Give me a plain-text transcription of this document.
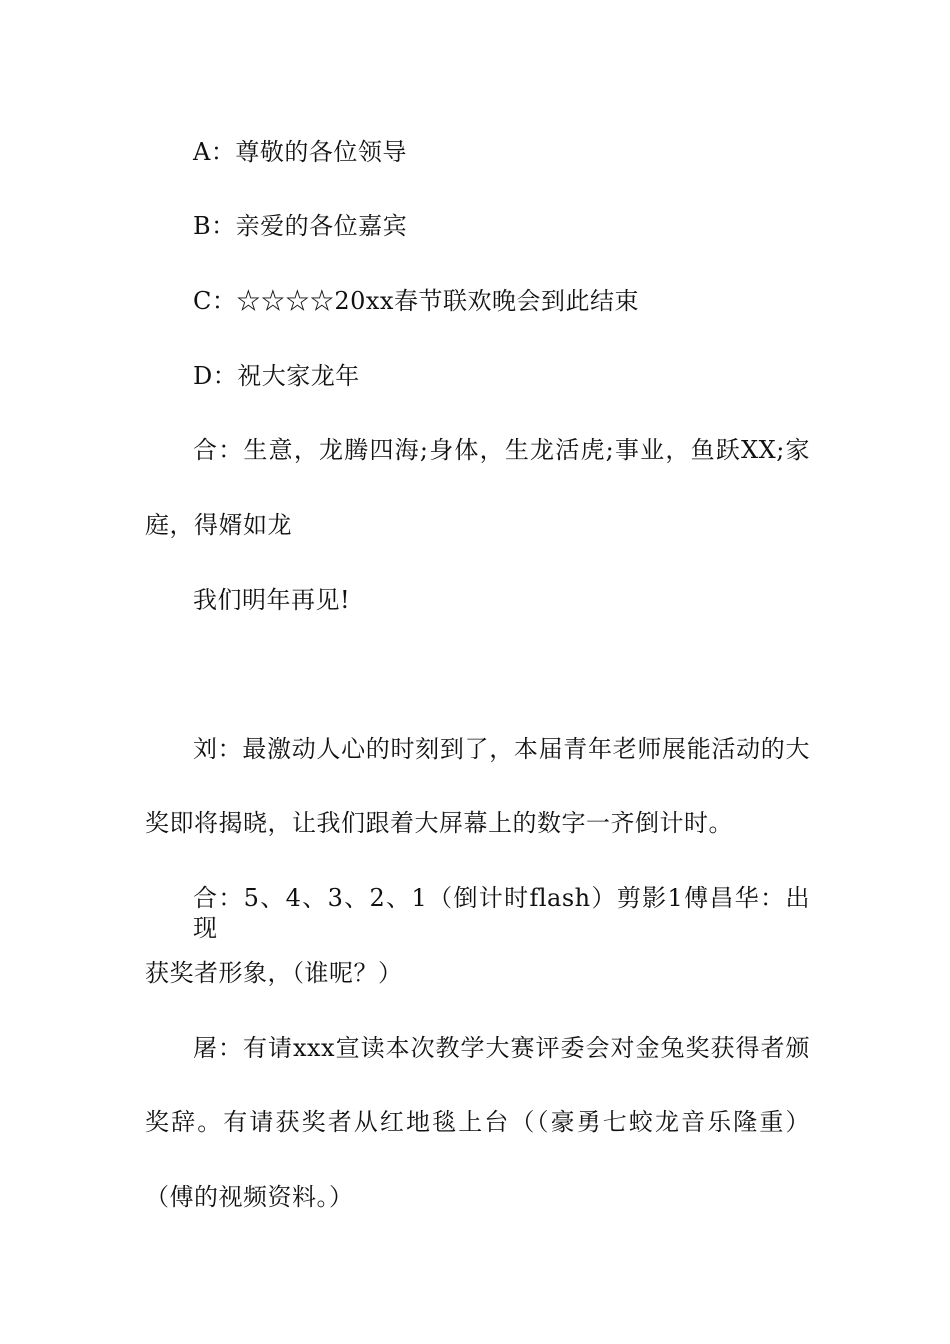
A：尊敬的各位领导
B：亲爱的各位嘉宾
C：☆☆☆☆20xx春节联欢晚会到此结束
D：祝大家龙年
合：生意，龙腾四海;身体，生龙活虎;事业，鱼跃XX;家
庭，得婿如龙
我们明年再见!
刘：最激动人心的时刻到了，本届青年老师展能活动的大
奖即将揭晓，让我们跟着大屏幕上的数字一齐倒计时。
合：5、4、3、2、1（倒计时flash）剪影1傅昌华：出现
获奖者形象，（谁呢？）
屠：有请xxx宣读本次教学大赛评委会对金兔奖获得者颁
奖辞。有请获奖者从红地毯上台（（豪勇七蛟龙音乐隆重）
（傅的视频资料。）
